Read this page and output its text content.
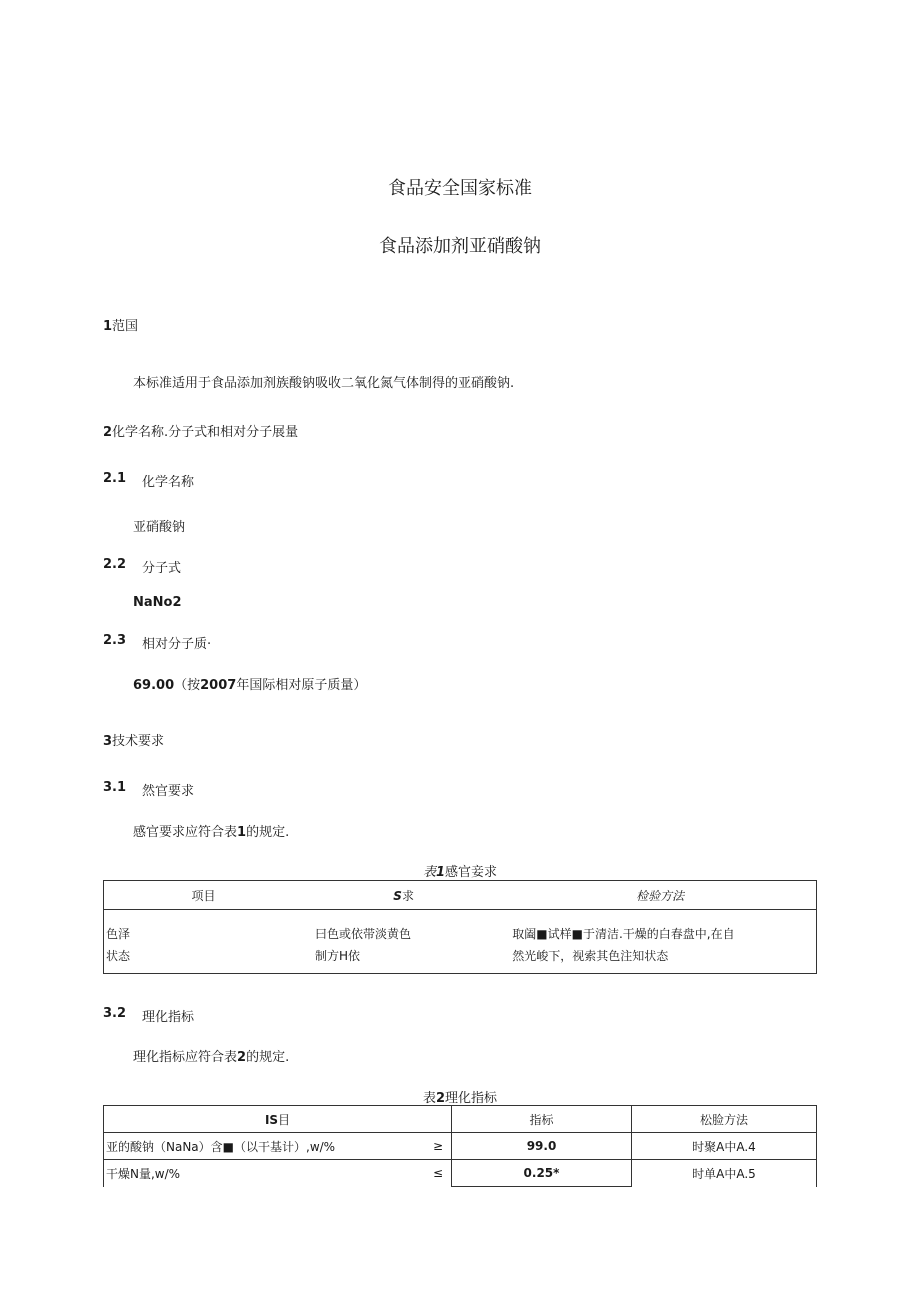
食品安全国家标准
食品添加剂亚硝酸钠
1范国
本标准适用于食品添加剂族酸钠吸收二氧化氮气体制得的亚硝酸钠.
2化学名称.分子式和相对分子展量
2.1 化学名称
亚硝酸钠
2.2 分子式
NaNo2
2.3 相对分子质·
69.00（按2007年国际相对原子质量）
3技术要求
3.1 然官要求
感官要求应符合表1的规定.
表1感官妾求
项目	S求	检验方法
色泽	曰色或依带淡黄色	取阖■试样■于清洁.干燥的白春盘中,在自
状态	制方H依	然光峻下，视索其色注知状态
3.2 理化指标
理化指标应符合表2的规定.
表2理化指标
IS目		指标	松脸方法
亚的酸钠（NaNa）含■（以干基计）,w/%	≥	99.0	时聚A中A.4
干燥N量,w/%	≤	0.25*	时单A中A.5
